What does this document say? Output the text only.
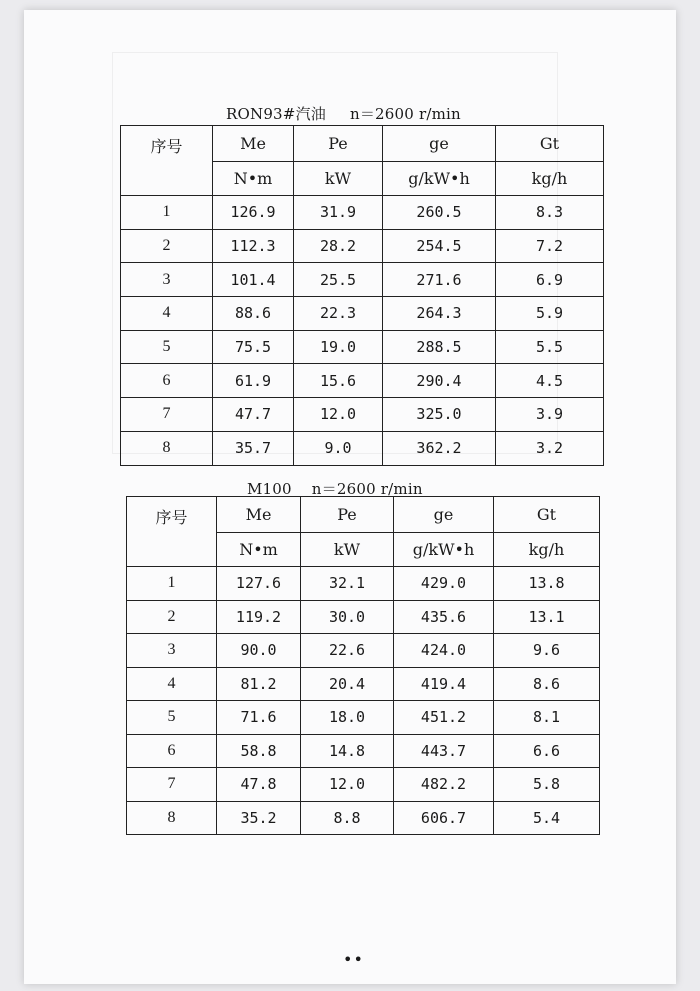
RON93#汽油 n＝2600 r/min
序号	Me	Pe	ge	Gt
	N•m	kW	g/kW•h	kg/h
1	126.9	31.9	260.5	8.3
2	112.3	28.2	254.5	7.2
3	101.4	25.5	271.6	6.9
4	88.6	22.3	264.3	5.9
5	75.5	19.0	288.5	5.5
6	61.9	15.6	290.4	4.5
7	47.7	12.0	325.0	3.9
8	35.7	9.0	362.2	3.2
M100 n＝2600 r/min
序号	Me	Pe	ge	Gt
	N•m	kW	g/kW•h	kg/h
1	127.6	32.1	429.0	13.8
2	119.2	30.0	435.6	13.1
3	90.0	22.6	424.0	9.6
4	81.2	20.4	419.4	8.6
5	71.6	18.0	451.2	8.1
6	58.8	14.8	443.7	6.6
7	47.8	12.0	482.2	5.8
8	35.2	8.8	606.7	5.4
••
